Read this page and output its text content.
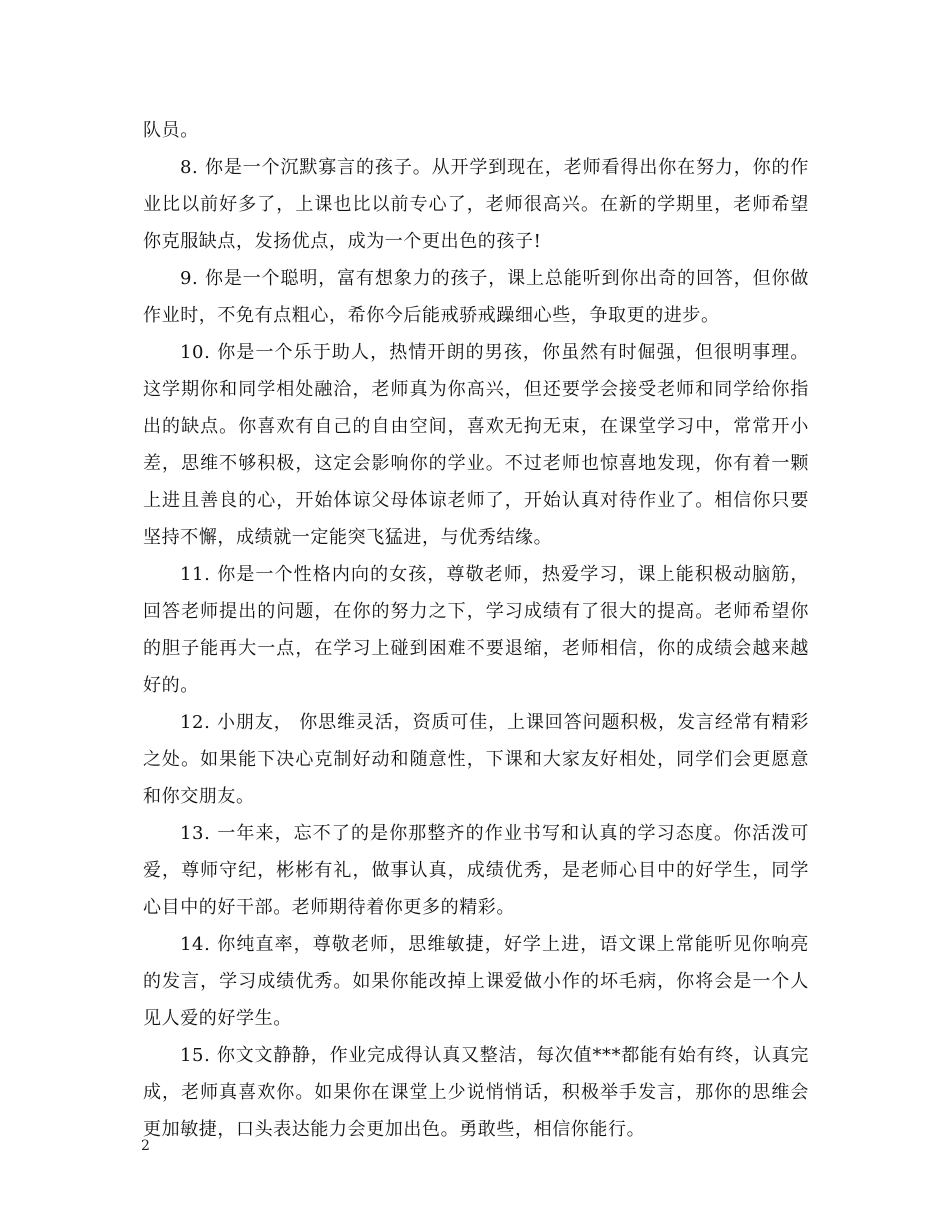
队员。

8. 你是一个沉默寡言的孩子。从开学到现在，老师看得出你在努力，你的作业比以前好多了，上课也比以前专心了，老师很高兴。在新的学期里，老师希望你克服缺点，发扬优点，成为一个更出色的孩子!

9. 你是一个聪明，富有想象力的孩子，课上总能听到你出奇的回答，但你做作业时，不免有点粗心，希你今后能戒骄戒躁细心些，争取更的进步。

10. 你是一个乐于助人，热情开朗的男孩，你虽然有时倔强，但很明事理。这学期你和同学相处融洽，老师真为你高兴，但还要学会接受老师和同学给你指出的缺点。你喜欢有自己的自由空间，喜欢无拘无束，在课堂学习中，常常开小差，思维不够积极，这定会影响你的学业。不过老师也惊喜地发现，你有着一颗上进且善良的心，开始体谅父母体谅老师了，开始认真对待作业了。相信你只要坚持不懈，成绩就一定能突飞猛进，与优秀结缘。

11. 你是一个性格内向的女孩，尊敬老师，热爱学习，课上能积极动脑筋，回答老师提出的问题，在你的努力之下，学习成绩有了很大的提高。老师希望你的胆子能再大一点，在学习上碰到困难不要退缩，老师相信，你的成绩会越来越好的。

12. 小朋友， 你思维灵活，资质可佳，上课回答问题积极，发言经常有精彩之处。如果能下决心克制好动和随意性，下课和大家友好相处，同学们会更愿意和你交朋友。

13. 一年来，忘不了的是你那整齐的作业书写和认真的学习态度。你活泼可爱，尊师守纪，彬彬有礼，做事认真，成绩优秀，是老师心目中的好学生，同学心目中的好干部。老师期待着你更多的精彩。

14. 你纯直率，尊敬老师，思维敏捷，好学上进，语文课上常能听见你响亮的发言，学习成绩优秀。如果你能改掉上课爱做小作的坏毛病，你将会是一个人见人爱的好学生。

15. 你文文静静，作业完成得认真又整洁，每次值***都能有始有终，认真完成，老师真喜欢你。如果你在课堂上少说悄悄话，积极举手发言，那你的思维会更加敏捷，口头表达能力会更加出色。勇敢些，相信你能行。

2
